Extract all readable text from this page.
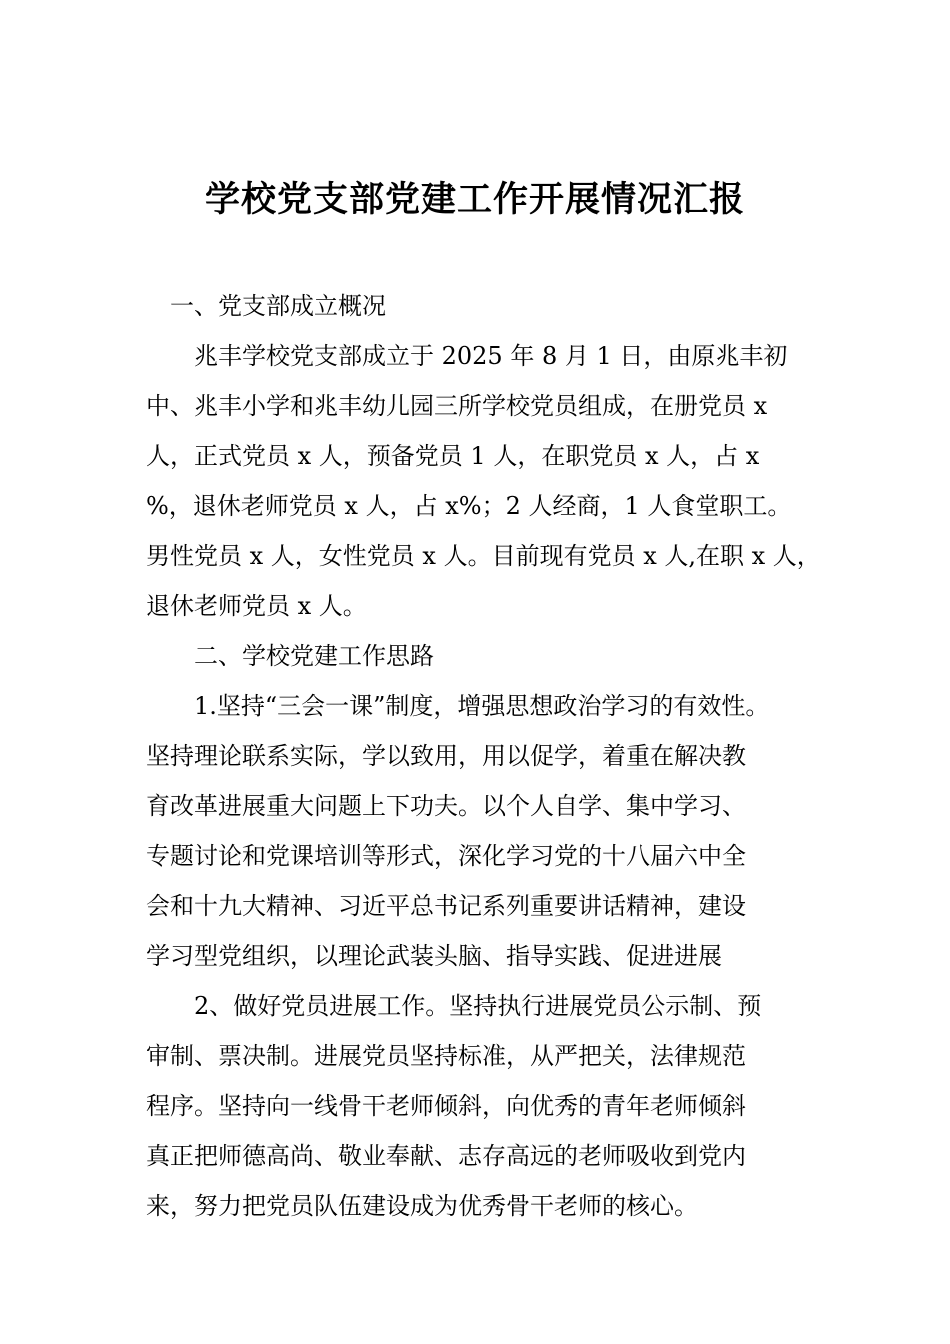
学校党支部党建工作开展情况汇报
一、党支部成立概况
兆丰学校党支部成立于 2025 年 8 月 1 日，由原兆丰初
中、兆丰小学和兆丰幼儿园三所学校党员组成，在册党员 x
人，正式党员 x 人，预备党员 1 人，在职党员 x 人，占 x
%，退休老师党员 x 人，占 x%；2 人经商，1 人食堂职工。
男性党员 x 人，女性党员 x 人。目前现有党员 x 人,在职 x 人，
退休老师党员 x 人。
二、学校党建工作思路
1.坚持“三会一课”制度，增强思想政治学习的有效性。
坚持理论联系实际，学以致用，用以促学，着重在解决教
育改革进展重大问题上下功夫。以个人自学、集中学习、
专题讨论和党课培训等形式，深化学习党的十八届六中全
会和十九大精神、习近平总书记系列重要讲话精神，建设
学习型党组织，以理论武装头脑、指导实践、促进进展
2、做好党员进展工作。坚持执行进展党员公示制、预
审制、票决制。进展党员坚持标准，从严把关，法律规范
程序。坚持向一线骨干老师倾斜，向优秀的青年老师倾斜
真正把师德高尚、敬业奉献、志存高远的老师吸收到党内
来，努力把党员队伍建设成为优秀骨干老师的核心。
